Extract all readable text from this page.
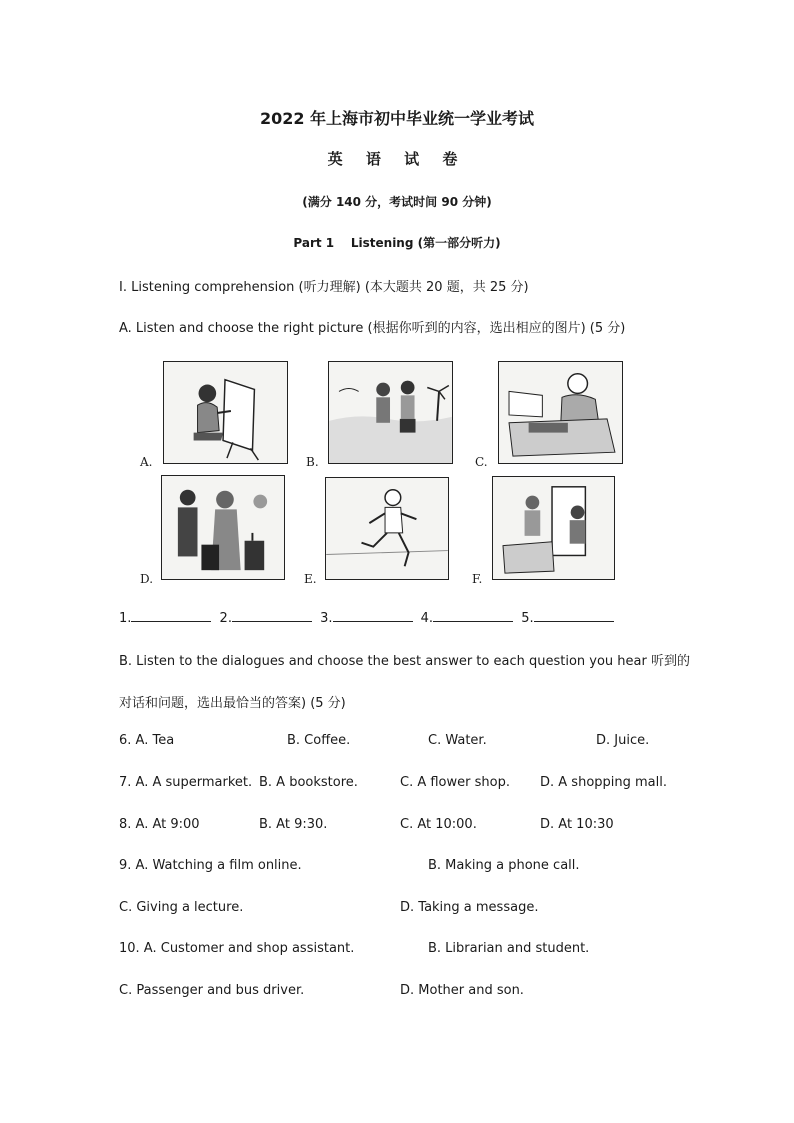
2022 年上海市初中毕业统一学业考试
英 语 试 卷
(满分 140 分，考试时间 90 分钟)
Part 1    Listening (第一部分听力)
I. Listening comprehension (听力理解) (本大题共 20 题，共 25 分)
A. Listen and choose the right picture (根据你听到的内容，选出相应的图片) (5 分)
A.	B.	C.
D.	E.	F.
1.	2.	3.	4.	5.
B. Listen to the dialogues and choose the best answer to each question you hear 听到的
对话和问题，选出最恰当的答案) (5 分)
6. A. Tea	B. Coffee.	C. Water.	D. Juice.
7. A. A supermarket. B. A bookstore.	C. A flower shop. D. A shopping mall.
8. A. At 9:00	B. At 9:30.	C. At 10:00.	D. At 10:30
9. A. Watching a film online.	B. Making a phone call.
C. Giving a lecture.	D. Taking a message.
10. A. Customer and shop assistant.	B. Librarian and student.
C. Passenger and bus driver.	D. Mother and son.
